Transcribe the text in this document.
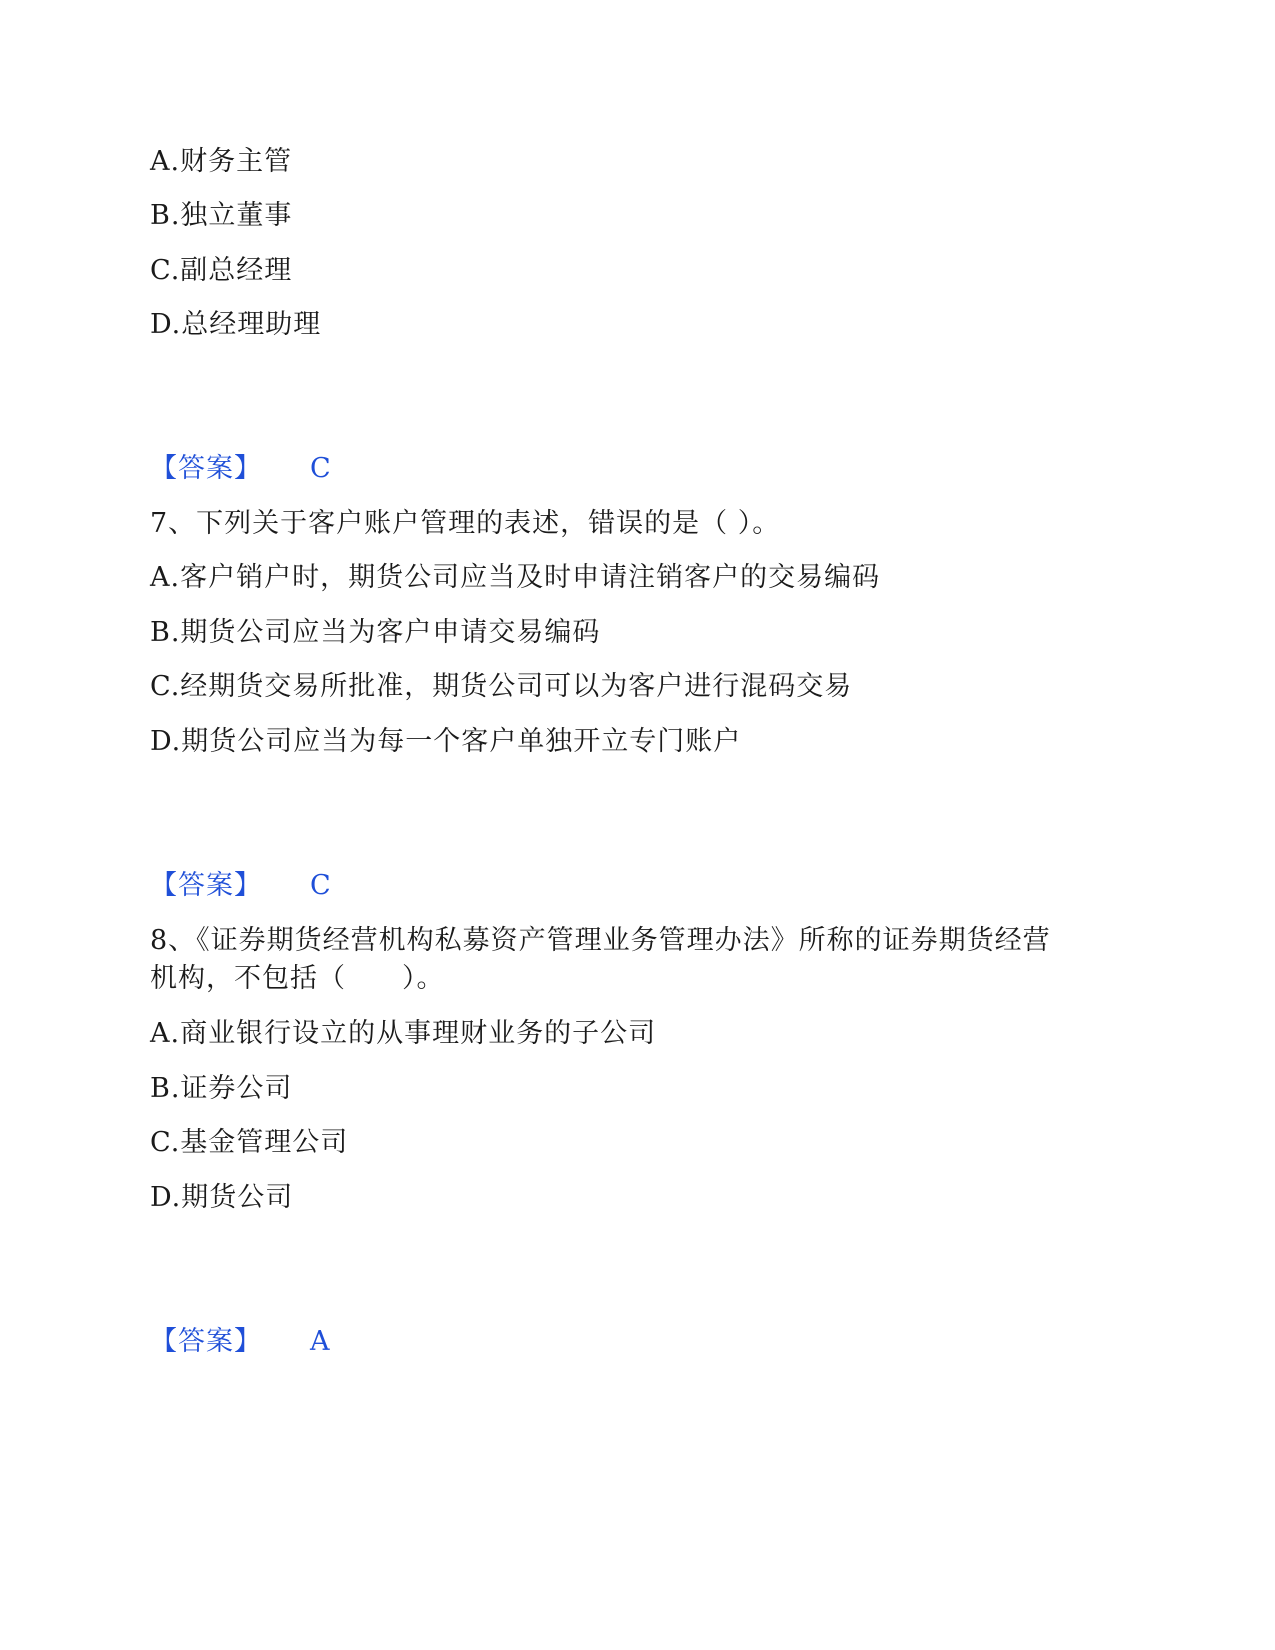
A.财务主管
B.独立董事
C.副总经理
D.总经理助理
【答案】 C
7、下列关于客户账户管理的表述，错误的是（ ）。
A.客户销户时，期货公司应当及时申请注销客户的交易编码
B.期货公司应当为客户申请交易编码
C.经期货交易所批准，期货公司可以为客户进行混码交易
D.期货公司应当为每一个客户单独开立专门账户
【答案】 C
8、《证券期货经营机构私募资产管理业务管理办法》所称的证券期货经营
机构，不包括（　　）。
A.商业银行设立的从事理财业务的子公司
B.证券公司
C.基金管理公司
D.期货公司
【答案】 A
